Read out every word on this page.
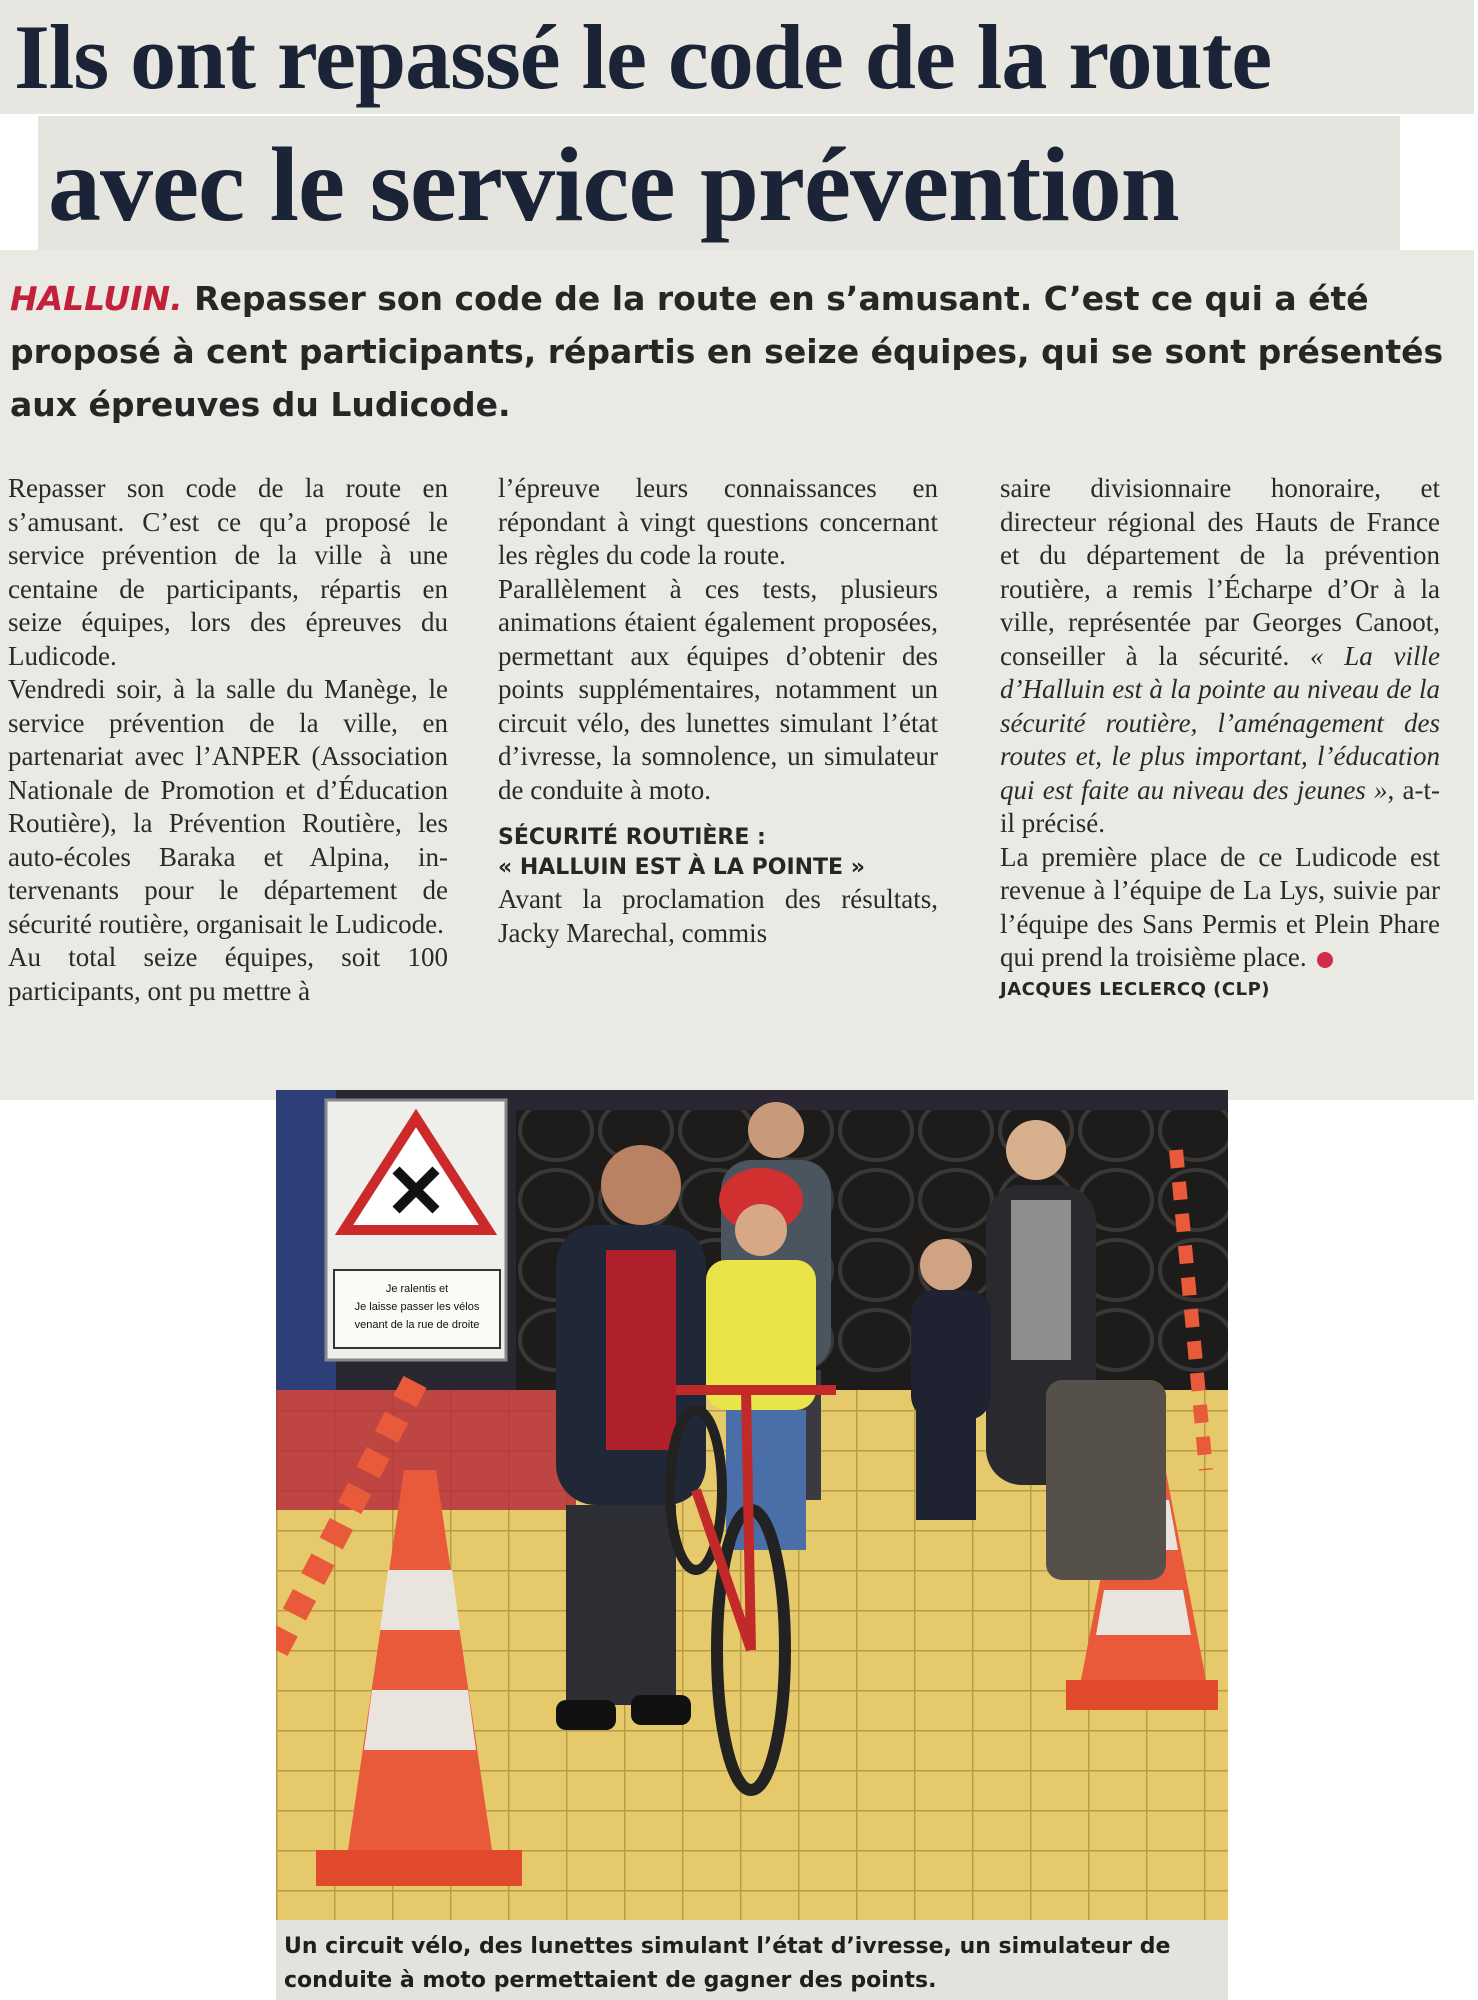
Ils ont repassé le code de la route
avec le service prévention
HALLUIN. Repasser son code de la route en s’amusant. C’est ce qui a été proposé à cent participants, répartis en seize équipes, qui se sont présentés aux épreuves du Ludicode.

Repasser son code de la route en s’amusant. C’est ce qu’a proposé le service prévention de la ville à une centaine de participants, répartis en seize équipes, lors des épreuves du Ludicode.

Vendredi soir, à la salle du Manège, le service prévention de la ville, en partenariat avec l’ANPER (Association Nationale de Promotion et d’Éducation Routière), la Prévention Routière, les auto-écoles Baraka et Alpina, intervenants pour le département de sécurité routière, organisait le Ludicode.

Au total seize équipes, soit 100 participants, ont pu mettre à

l’épreuve leurs connaissances en répondant à vingt questions concernant les règles du code la route.

Parallèlement à ces tests, plusieurs animations étaient également proposées, permettant aux équipes d’obtenir des points supplémentaires, notamment un circuit vélo, des lunettes simulant l’état d’ivresse, la somnolence, un simulateur de conduite à moto.

SÉCURITÉ ROUTIÈRE :
« HALLUIN EST À LA POINTE »

Avant la proclamation des résultats, Jacky Marechal, commis

saire divisionnaire honoraire, et directeur régional des Hauts de France et du département de la prévention routière, a remis l’Écharpe d’Or à la ville, représentée par Georges Canoot, conseiller à la sécurité. « La ville d’Halluin est à la pointe au niveau de la sécurité routière, l’aménagement des routes et, le plus important, l’éducation qui est faite au niveau des jeunes », a-t-il précisé.

La première place de ce Ludicode est revenue à l’équipe de La Lys, suivie par l’équipe des Sans Permis et Plein Phare qui prend la troisième place.

JACQUES LECLERCQ (CLP)

Je ralentis et
Je laisse passer les vélos
venant de la rue de droite

Un circuit vélo, des lunettes simulant l’état d’ivresse, un simulateur de conduite à moto permettaient de gagner des points.
